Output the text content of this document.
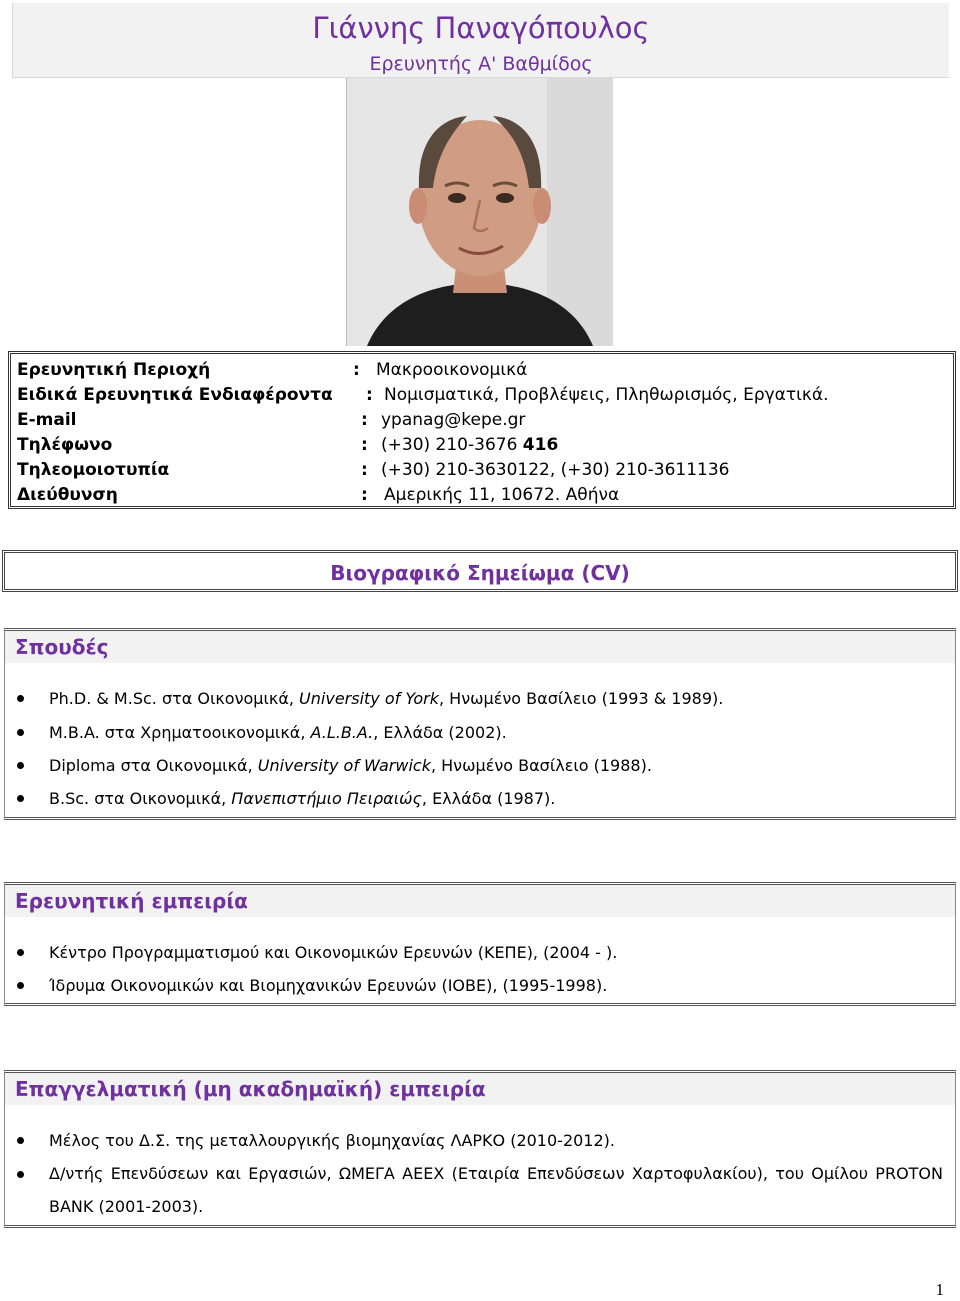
Γιάννης Παναγόπουλος
Ερευνητής Α' Βαθμίδος
Ερευνητική Περιοχή	: Μακροοικονομικά
Ειδικά Ερευνητικά Ενδιαφέροντα : Νομισματικά, Προβλέψεις, Πληθωρισμός, Εργατικά.
E-mail	: ypanag@kepe.gr
Τηλέφωνο	: (+30) 210-3676 416
Τηλεομοιοτυπία	: (+30) 210-3630122, (+30) 210-3611136
Διεύθυνση	: Αμερικής 11, 10672. Αθήνα
Βιογραφικό Σημείωμα (CV)
Σπουδές
Ph.D. & M.Sc. στα Οικονομικά, University of York, Ηνωμένο Βασίλειο (1993 & 1989).
M.B.A. στα Χρηματοοικονομικά, A.L.B.A., Ελλάδα (2002).
Diploma στα Οικονομικά, University of Warwick, Ηνωμένο Βασίλειο (1988).
B.Sc. στα Οικονομικά, Πανεπιστήμιο Πειραιώς, Ελλάδα (1987).
Ερευνητική εμπειρία
Κέντρο Προγραμματισμού και Οικονομικών Ερευνών (ΚΕΠΕ), (2004 - ).
Ίδρυμα Οικονομικών και Βιομηχανικών Ερευνών (ΙΟΒΕ), (1995-1998).
Επαγγελματική (μη ακαδημαϊκή) εμπειρία
Μέλος του Δ.Σ. της μεταλλουργικής βιομηχανίας ΛΑΡΚΟ (2010-2012).
Δ/ντής Επενδύσεων και Εργασιών, ΩΜΕΓΑ ΑΕΕΧ (Εταιρία Επενδύσεων Χαρτοφυλακίου), του Ομίλου PROTON BANK (2001-2003).
1
